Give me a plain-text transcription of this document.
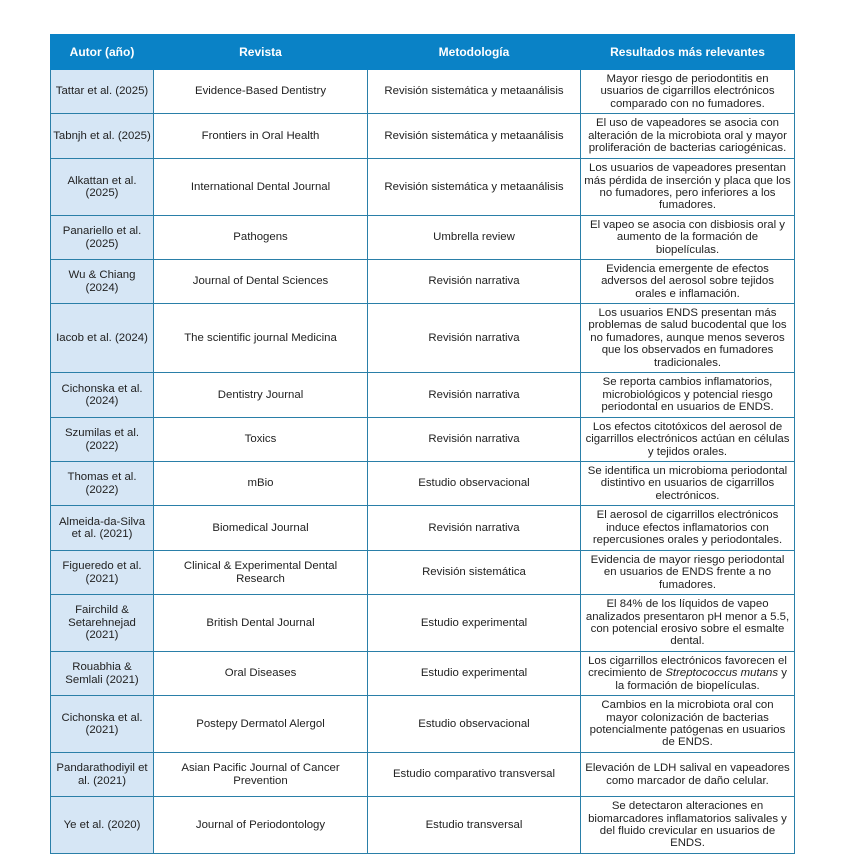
Autor (año)	Revista	Metodología	Resultados más relevantes
Tattar et al. (2025)	Evidence-Based Dentistry	Revisión sistemática y metaanálisis	Mayor riesgo de periodontitis en usuarios de cigarrillos electrónicos comparado con no fumadores.
Tabnjh et al. (2025)	Frontiers in Oral Health	Revisión sistemática y metaanálisis	El uso de vapeadores se asocia con alteración de la microbiota oral y mayor proliferación de bacterias cariogénicas.
Alkattan et al. (2025)	International Dental Journal	Revisión sistemática y metaanálisis	Los usuarios de vapeadores presentan más pérdida de inserción y placa que los no fumadores, pero inferiores a los fumadores.
Panariello et al. (2025)	Pathogens	Umbrella review	El vapeo se asocia con disbiosis oral y aumento de la formación de biopelículas.
Wu & Chiang (2024)	Journal of Dental Sciences	Revisión narrativa	Evidencia emergente de efectos adversos del aerosol sobre tejidos orales e inflamación.
Iacob et al. (2024)	The scientific journal Medicina	Revisión narrativa	Los usuarios ENDS presentan más problemas de salud bucodental que los no fumadores, aunque menos severos que los observados en fumadores tradicionales.
Cichonska et al. (2024)	Dentistry Journal	Revisión narrativa	Se reporta cambios inflamatorios, microbiológicos y potencial riesgo periodontal en usuarios de ENDS.
Szumilas et al. (2022)	Toxics	Revisión narrativa	Los efectos citotóxicos del aerosol de cigarrillos electrónicos actúan en células y tejidos orales.
Thomas et al. (2022)	mBio	Estudio observacional	Se identifica un microbioma periodontal distintivo en usuarios de cigarrillos electrónicos.
Almeida-da-Silva et al. (2021)	Biomedical Journal	Revisión narrativa	El aerosol de cigarrillos electrónicos induce efectos inflamatorios con repercusiones orales y periodontales.
Figueredo et al. (2021)	Clinical & Experimental Dental Research	Revisión sistemática	Evidencia de mayor riesgo periodontal en usuarios de ENDS frente a no fumadores.
Fairchild & Setarehnejad (2021)	British Dental Journal	Estudio experimental	El 84% de los líquidos de vapeo analizados presentaron pH menor a 5.5, con potencial erosivo sobre el esmalte dental.
Rouabhia & Semlali (2021)	Oral Diseases	Estudio experimental	Los cigarrillos electrónicos favorecen el crecimiento de Streptococcus mutans y la formación de biopelículas.
Cichonska et al. (2021)	Postepy Dermatol Alergol	Estudio observacional	Cambios en la microbiota oral con mayor colonización de bacterias potencialmente patógenas en usuarios de ENDS.
Pandarathodiyil et al. (2021)	Asian Pacific Journal of Cancer Prevention	Estudio comparativo transversal	Elevación de LDH salival en vapeadores como marcador de daño celular.
Ye et al. (2020)	Journal of Periodontology	Estudio transversal	Se detectaron alteraciones en biomarcadores inflamatorios salivales y del fluido crevicular en usuarios de ENDS.
